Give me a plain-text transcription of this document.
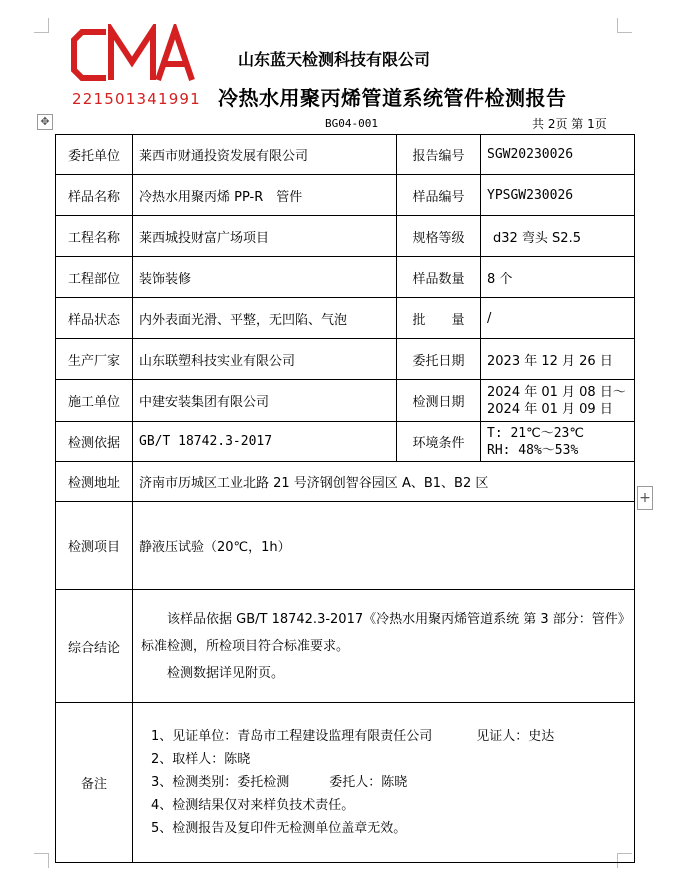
221501341991
山东蓝天检测科技有限公司
冷热水用聚丙烯管道系统管件检测报告
✥	BG04-001	共 2页 第 1页
+
委托单位	莱西市财通投资发展有限公司	报告编号	SGW20230026
样品名称	冷热水用聚丙烯 PP-R　管件	样品编号	YPSGW230026
工程名称	莱西城投财富广场项目	规格等级	d32 弯头 S2.5
工程部位	装饰装修	样品数量	8 个
样品状态	内外表面光滑、平整，无凹陷、气泡	批　　量	/
生产厂家	山东联塑科技实业有限公司	委托日期	2023 年 12 月 26 日
施工单位	中建安装集团有限公司	检测日期	2024 年 01 月 08 日～
2024 年 01 月 09 日

检测依据	GB/T 18742.3-2017	环境条件	T: 21℃～23℃
RH: 48%～53%

检测地址	济南市历城区工业北路 21 号济钢创智谷园区 A、B1、B2 区		
检测项目	静液压试验（20℃，1h）		
综合结论	该样品依据 GB/T 18742.3-2017《冷热水用聚丙烯管道系统 第 3 部分：管件》标准检测，所检项目符合标准要求。

检测数据详见附页。		

备注	1、见证单位：青岛市工程建设监理有限责任公司 见证人：史达
2、取样人：陈晓
3、检测类别：委托检测 委托人：陈晓
4、检测结果仅对来样负技术责任。
5、检测报告及复印件无检测单位盖章无效。		
